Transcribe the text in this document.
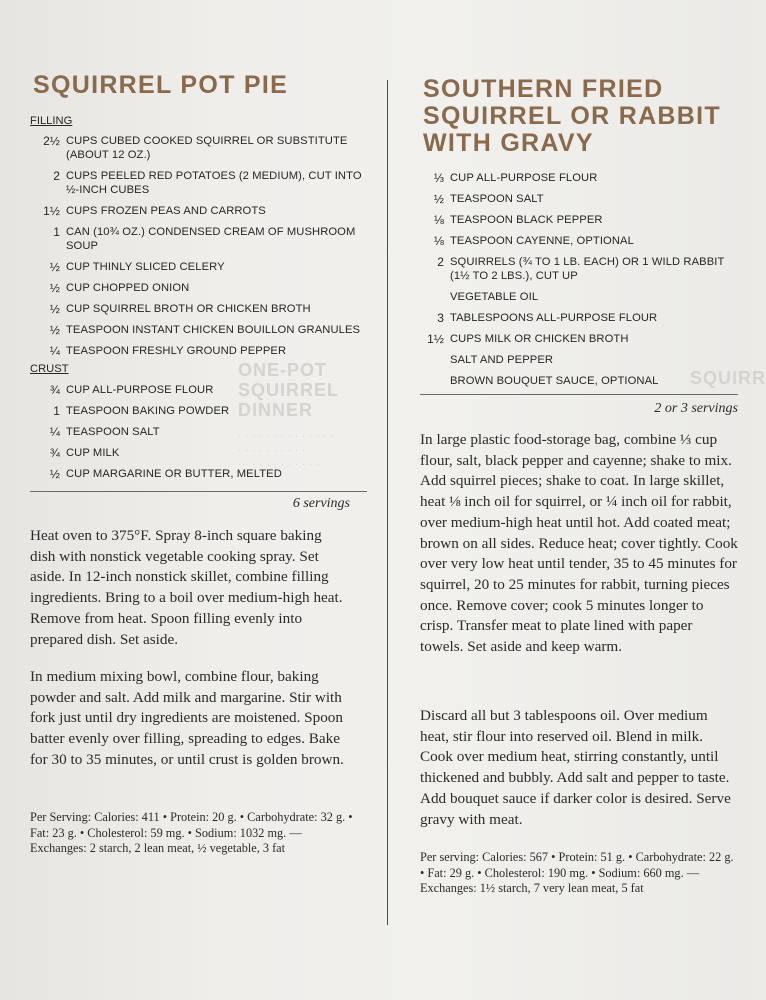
ONE-POT SQUIRREL DINNER
SQUIRR
· · · · · · · · · · · · · ·
· · · · · · · · · ·
· · · · · · · · · · · ·
SQUIRREL POT PIE
FILLING
2½ CUPS CUBED COOKED SQUIRREL OR SUBSTITUTE (ABOUT 12 OZ.)
2 CUPS PEELED RED POTATOES (2 MEDIUM), CUT INTO ½-INCH CUBES
1½ CUPS FROZEN PEAS AND CARROTS
1 CAN (10¾ OZ.) CONDENSED CREAM OF MUSHROOM SOUP
½ CUP THINLY SLICED CELERY
½ CUP CHOPPED ONION
½ CUP SQUIRREL BROTH OR CHICKEN BROTH
½ TEASPOON INSTANT CHICKEN BOUILLON GRANULES
¼ TEASPOON FRESHLY GROUND PEPPER
CRUST
¾ CUP ALL-PURPOSE FLOUR
1 TEASPOON BAKING POWDER
¼ TEASPOON SALT
¾ CUP MILK
½ CUP MARGARINE OR BUTTER, MELTED
6 servings

Heat oven to 375°F. Spray 8-inch square baking dish with nonstick vegetable cooking spray. Set aside. In 12-inch nonstick skillet, combine filling ingredients. Bring to a boil over medium-high heat. Remove from heat. Spoon filling evenly into prepared dish. Set aside.

In medium mixing bowl, combine flour, baking powder and salt. Add milk and margarine. Stir with fork just until dry ingredients are moistened. Spoon batter evenly over filling, spreading to edges. Bake for 30 to 35 minutes, or until crust is golden brown.

Per Serving: Calories: 411 • Protein: 20 g. • Carbohydrate: 32 g. • Fat: 23 g. • Cholesterol: 59 mg. • Sodium: 1032 mg. — Exchanges: 2 starch, 2 lean meat, ½ vegetable, 3 fat

SOUTHERN FRIED SQUIRREL OR RABBIT WITH GRAVY
⅓ CUP ALL-PURPOSE FLOUR
½ TEASPOON SALT
⅛ TEASPOON BLACK PEPPER
⅛ TEASPOON CAYENNE, OPTIONAL
2 SQUIRRELS (¾ TO 1 LB. EACH) OR 1 WILD RABBIT (1½ TO 2 LBS.), CUT UP
VEGETABLE OIL
3 TABLESPOONS ALL-PURPOSE FLOUR
1½ CUPS MILK OR CHICKEN BROTH
SALT AND PEPPER
BROWN BOUQUET SAUCE, OPTIONAL
2 or 3 servings

In large plastic food-storage bag, combine ⅓ cup flour, salt, black pepper and cayenne; shake to mix. Add squirrel pieces; shake to coat. In large skillet, heat ⅛ inch oil for squirrel, or ¼ inch oil for rabbit, over medium-high heat until hot. Add coated meat; brown on all sides. Reduce heat; cover tightly. Cook over very low heat until tender, 35 to 45 minutes for squirrel, 20 to 25 minutes for rabbit, turning pieces once. Remove cover; cook 5 minutes longer to crisp. Transfer meat to plate lined with paper towels. Set aside and keep warm.

Discard all but 3 tablespoons oil. Over medium heat, stir flour into reserved oil. Blend in milk. Cook over medium heat, stirring constantly, until thickened and bubbly. Add salt and pepper to taste. Add bouquet sauce if darker color is desired. Serve gravy with meat.

Per serving: Calories: 567 • Protein: 51 g. • Carbohydrate: 22 g. • Fat: 29 g. • Cholesterol: 190 mg. • Sodium: 660 mg. — Exchanges: 1½ starch, 7 very lean meat, 5 fat
